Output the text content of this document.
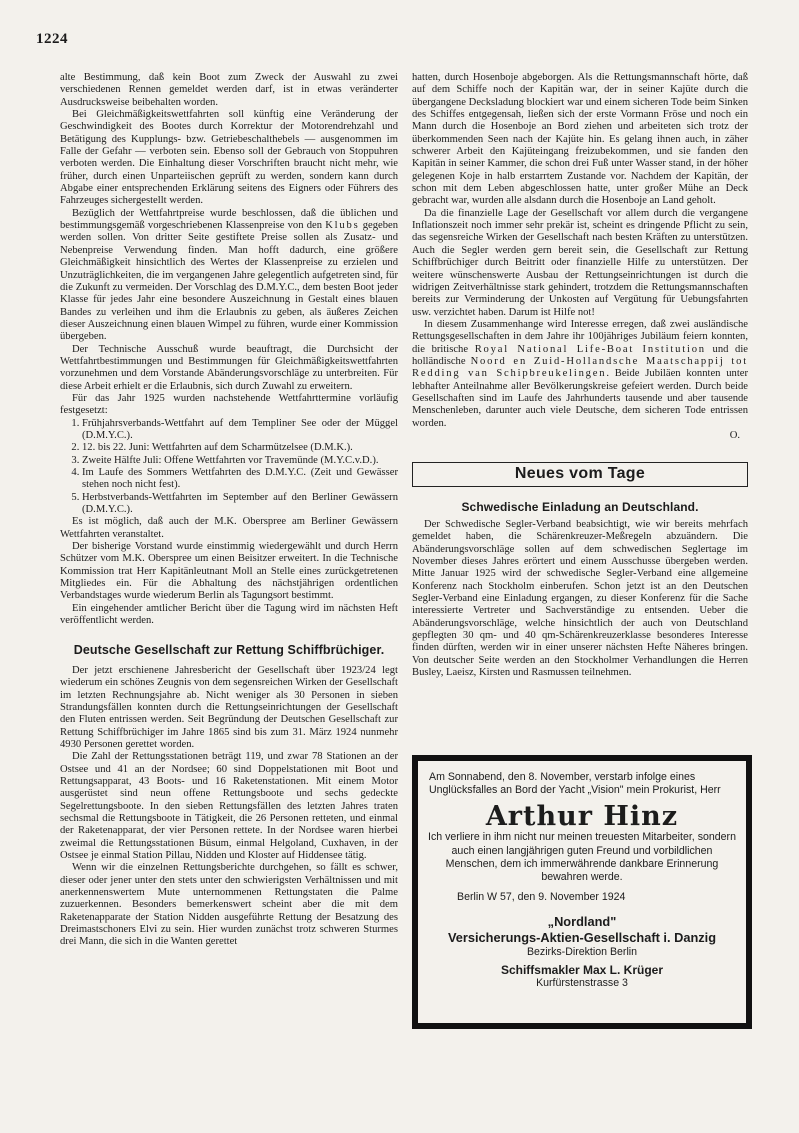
1224

alte Bestimmung, daß kein Boot zum Zweck der Auswahl zu zwei verschiedenen Rennen gemeldet werden darf, ist in etwas veränderter Ausdrucksweise beibehalten worden.

Bei Gleichmäßigkeitswettfahrten soll künftig eine Veränderung der Geschwindigkeit des Bootes durch Korrektur der Motorendrehzahl und Betätigung des Kupplungs- bzw. Getriebeschalthebels — ausgenommen im Falle der Gefahr — verboten sein. Ebenso soll der Gebrauch von Stoppuhren verboten werden. Die Einhaltung dieser Vorschriften braucht nicht mehr, wie früher, durch einen Unparteiischen geprüft zu werden, sondern kann durch Abgabe einer entsprechenden Erklärung seitens des Eigners oder Führers des Fahrzeuges sichergestellt werden.

Bezüglich der Wettfahrtpreise wurde beschlossen, daß die üblichen und bestimmungsgemäß vorgeschriebenen Klassenpreise von den Klubs gegeben werden sollen. Von dritter Seite gestiftete Preise sollen als Zusatz- und Nebenpreise Verwendung finden. Man hofft dadurch, eine größere Gleichmäßigkeit hinsichtlich des Wertes der Klassenpreise zu erzielen und Unzuträglichkeiten, die im vergangenen Jahre gelegentlich aufgetreten sind, für die Zukunft zu vermeiden. Der Vorschlag des D.M.Y.C., dem besten Boot jeder Klasse für jedes Jahr eine besondere Auszeichnung in Gestalt eines blauen Bandes zu verleihen und ihm die Erlaubnis zu geben, als äußeres Zeichen dieser Auszeichnung einen blauen Wimpel zu führen, wurde einer Kommission übergeben.

Der Technische Ausschuß wurde beauftragt, die Durchsicht der Wettfahrtbestimmungen und Bestimmungen für Gleichmäßigkeitswettfahrten vorzunehmen und dem Vorstande Abänderungsvorschläge zu unterbreiten. Für diese Arbeit erhielt er die Erlaubnis, sich durch Zuwahl zu erweitern.

Für das Jahr 1925 wurden nachstehende Wettfahrttermine vorläufig festgesetzt:

1. Frühjahrsverbands-Wettfahrt auf dem Templiner See oder der Müggel (D.M.Y.C.).
2. 12. bis 22. Juni: Wettfahrten auf dem Scharmützelsee (D.M.K.).
3. Zweite Hälfte Juli: Offene Wettfahrten vor Travemünde (M.Y.C.v.D.).
4. Im Laufe des Sommers Wettfahrten des D.M.Y.C. (Zeit und Gewässer stehen noch nicht fest).
5. Herbstverbands-Wettfahrten im September auf den Berliner Gewässern (D.M.Y.C.).

Es ist möglich, daß auch der M.K. Oberspree am Berliner Gewässern Wettfahrten veranstaltet.

Der bisherige Vorstand wurde einstimmig wiedergewählt und durch Herrn Schützer vom M.K. Oberspree um einen Beisitzer erweitert. In die Technische Kommission trat Herr Kapitänleutnant Moll an Stelle eines zurückgetretenen Mitgliedes ein. Für die Abhaltung des nächstjährigen ordentlichen Verbandstages wurde wiederum Berlin als Tagungsort bestimmt.

Ein eingehender amtlicher Bericht über die Tagung wird im nächsten Heft veröffentlicht werden.

Deutsche Gesellschaft zur Rettung Schiffbrüchiger.

Der jetzt erschienene Jahresbericht der Gesellschaft über 1923/24 legt wiederum ein schönes Zeugnis von dem segensreichen Wirken der Gesellschaft im letzten Rechnungsjahre ab. Nicht weniger als 30 Personen in sieben Strandungsfällen konnten durch die Rettungseinrichtungen der Gesellschaft den Fluten entrissen werden. Seit Begründung der Deutschen Gesellschaft zur Rettung Schiffbrüchiger im Jahre 1865 sind bis zum 31. März 1924 nunmehr 4930 Personen gerettet worden.

Die Zahl der Rettungsstationen beträgt 119, und zwar 78 Stationen an der Ostsee und 41 an der Nordsee; 60 sind Doppelstationen mit Boot und Rettungsapparat, 43 Boots- und 16 Raketenstationen. Mit einem Motor ausgerüstet sind neun offene Rettungsboote und sechs gedeckte Segelrettungsboote. In den sieben Rettungsfällen des letzten Jahres traten sechsmal die Rettungsboote in Tätigkeit, die 26 Personen retteten, und einmal der Raketenapparat, der vier Personen rettete. In der Nordsee waren hierbei zweimal die Rettungsstationen Büsum, einmal Helgoland, Cuxhaven, in der Ostsee je einmal Station Pillau, Nidden und Kloster auf Hiddensee tätig.

Wenn wir die einzelnen Rettungsberichte durchgehen, so fällt es schwer, dieser oder jener unter den stets unter den schwierigsten Verhältnissen und mit anerkennenswertem Mute unternommenen Rettungstaten die Palme zuzuerkennen. Besonders bemerkenswert scheint aber die mit dem Raketenapparate der Station Nidden ausgeführte Rettung der Besatzung des Dreimastschoners Elvi zu sein. Hier wurden zunächst trotz schweren Sturmes drei Mann, die sich in die Wanten gerettet

hatten, durch Hosenboje abgeborgen. Als die Rettungsmannschaft hörte, daß auf dem Schiffe noch der Kapitän war, der in seiner Kajüte durch die übergangene Decksladung blockiert war und einem sicheren Tode beim Sinken des Schiffes entgegensah, ließen sich der erste Vormann Fröse und noch ein Mann durch die Hosenboje an Bord ziehen und arbeiteten sich trotz der überkommenden Seen nach der Kajüte hin. Es gelang ihnen auch, in zäher schwerer Arbeit den Kajüteingang freizubekommen, und sie fanden den Kapitän in seiner Kammer, die schon drei Fuß unter Wasser stand, in der höher gelegenen Koje in halb erstarrtem Zustande vor. Nachdem der Kapitän, der schon mit dem Leben abgeschlossen hatte, unter großer Mühe an Deck gebracht war, wurden alle alsdann durch die Hosenboje an Land geholt.

Da die finanzielle Lage der Gesellschaft vor allem durch die vergangene Inflationszeit noch immer sehr prekär ist, scheint es dringende Pflicht zu sein, das segensreiche Wirken der Gesellschaft nach besten Kräften zu unterstützen. Auch die Segler werden gern bereit sein, die Gesellschaft zur Rettung Schiffbrüchiger durch Beitritt oder finanzielle Hilfe zu unterstützen. Der weitere wünschenswerte Ausbau der Rettungseinrichtungen ist durch die widrigen Zeitverhältnisse stark gehindert, trotzdem die Rettungsmannschaften bereits zur Verminderung der Unkosten auf Vergütung für Uebungsfahrten usw. verzichtet haben. Darum ist Hilfe not!

In diesem Zusammenhange wird Interesse erregen, daß zwei ausländische Rettungsgesellschaften in dem Jahre ihr 100jähriges Jubiläum feiern konnten, die britische Royal National Life-Boat Institution und die holländische Noord en Zuid-Hollandsche Maatschappij tot Redding van Schipbreukelingen. Beide Jubiläen konnten unter lebhafter Anteilnahme aller Bevölkerungskreise gefeiert werden. Durch beide Gesellschaften sind im Laufe des Jahrhunderts tausende und aber tausende Menschenleben, darunter auch viele Deutsche, dem sicheren Tode entrissen worden.

O.
Neues vom Tage
Schwedische Einladung an Deutschland.

Der Schwedische Segler-Verband beabsichtigt, wie wir bereits mehrfach gemeldet haben, die Schärenkreuzer-Meßregeln abzuändern. Die Abänderungsvorschläge sollen auf dem schwedischen Seglertage im November dieses Jahres erörtert und einem Ausschusse übergeben werden. Mitte Januar 1925 wird der schwedische Segler-Verband eine allgemeine Konferenz nach Stockholm einberufen. Schon jetzt ist an den Deutschen Segler-Verband eine Einladung ergangen, zu dieser Konferenz für die Sache interessierte Vertreter und Sachverständige zu entsenden. Ueber die Abänderungsvorschläge, welche hinsichtlich der auch von Deutschland gepflegten 30 qm- und 40 qm-Schärenkreuzerklasse besonderes Interesse finden dürften, werden wir in einer unserer nächsten Hefte Näheres bringen. Von deutscher Seite werden an den Stockholmer Verhandlungen die Herren Busley, Laeisz, Kirsten und Rasmussen teilnehmen.

Am Sonnabend, den 8. November, verstarb infolge eines Unglücksfalles an Bord der Yacht „Vision" mein Prokurist, Herr

Arthur Hinz

Ich verliere in ihm nicht nur meinen treuesten Mitarbeiter, sondern auch einen langjährigen guten Freund und vorbildlichen Menschen, dem ich immerwährende dankbare Erinnerung bewahren werde.

Berlin W 57, den 9. November 1924

„Nordland"

Versicherungs-Aktien-Gesellschaft i. Danzig

Bezirks-Direktion Berlin

Schiffsmakler Max L. Krüger

Kurfürstenstrasse 3
